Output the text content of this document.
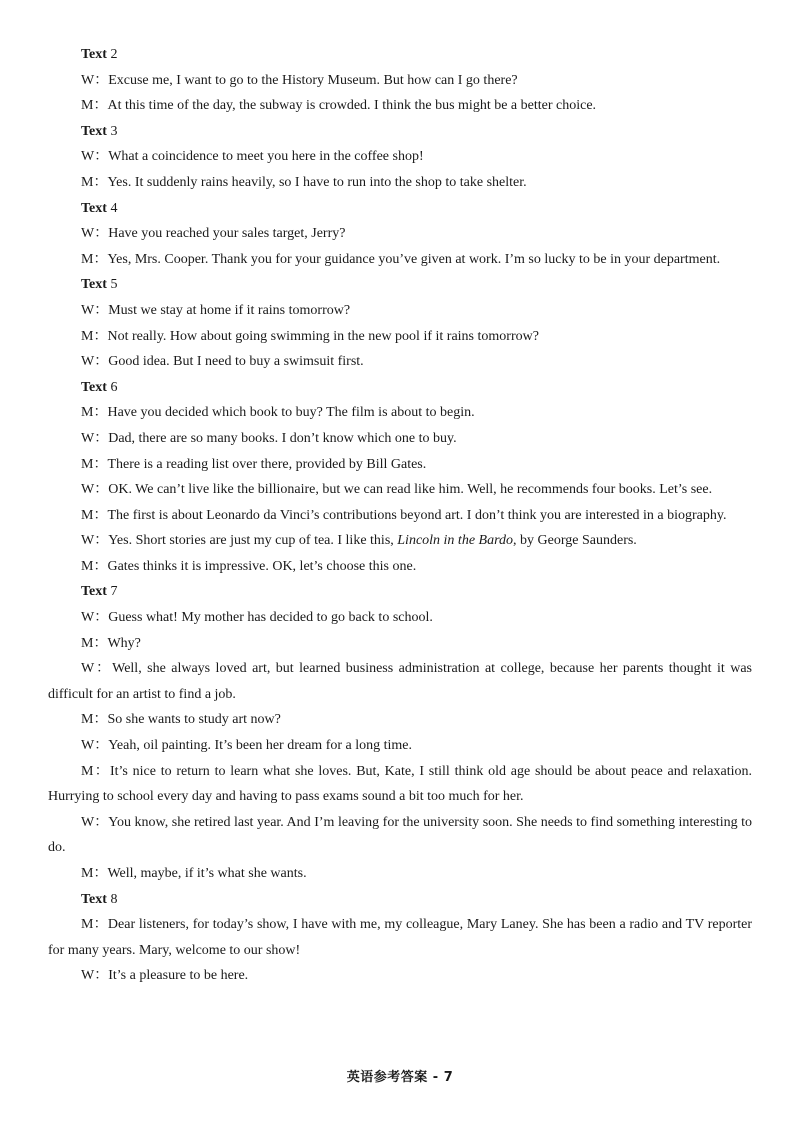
Text 2

W：Excuse me, I want to go to the History Museum. But how can I go there?

M：At this time of the day, the subway is crowded. I think the bus might be a better choice.

Text 3

W：What a coincidence to meet you here in the coffee shop!

M：Yes. It suddenly rains heavily, so I have to run into the shop to take shelter.

Text 4

W：Have you reached your sales target, Jerry?

M：Yes, Mrs. Cooper. Thank you for your guidance you’ve given at work. I’m so lucky to be in your department.

Text 5

W：Must we stay at home if it rains tomorrow?

M：Not really. How about going swimming in the new pool if it rains tomorrow?

W：Good idea. But I need to buy a swimsuit first.

Text 6

M：Have you decided which book to buy? The film is about to begin.

W：Dad, there are so many books. I don’t know which one to buy.

M：There is a reading list over there, provided by Bill Gates.

W：OK. We can’t live like the billionaire, but we can read like him. Well, he recommends four books. Let’s see.

M：The first is about Leonardo da Vinci’s contributions beyond art. I don’t think you are interested in a biography.

W：Yes. Short stories are just my cup of tea. I like this, Lincoln in the Bardo, by George Saunders.

M：Gates thinks it is impressive. OK, let’s choose this one.

Text 7

W：Guess what! My mother has decided to go back to school.

M：Why?

W：Well, she always loved art, but learned business administration at college, because her parents thought it was difficult for an artist to find a job.

M：So she wants to study art now?

W：Yeah, oil painting. It’s been her dream for a long time.

M：It’s nice to return to learn what she loves. But, Kate, I still think old age should be about peace and relaxation. Hurrying to school every day and having to pass exams sound a bit too much for her.

W：You know, she retired last year. And I’m leaving for the university soon. She needs to find something interesting to do.

M：Well, maybe, if it’s what she wants.

Text 8

M：Dear listeners, for today’s show, I have with me, my colleague, Mary Laney. She has been a radio and TV reporter for many years. Mary, welcome to our show!

W：It’s a pleasure to be here.

英语参考答案 - 7
